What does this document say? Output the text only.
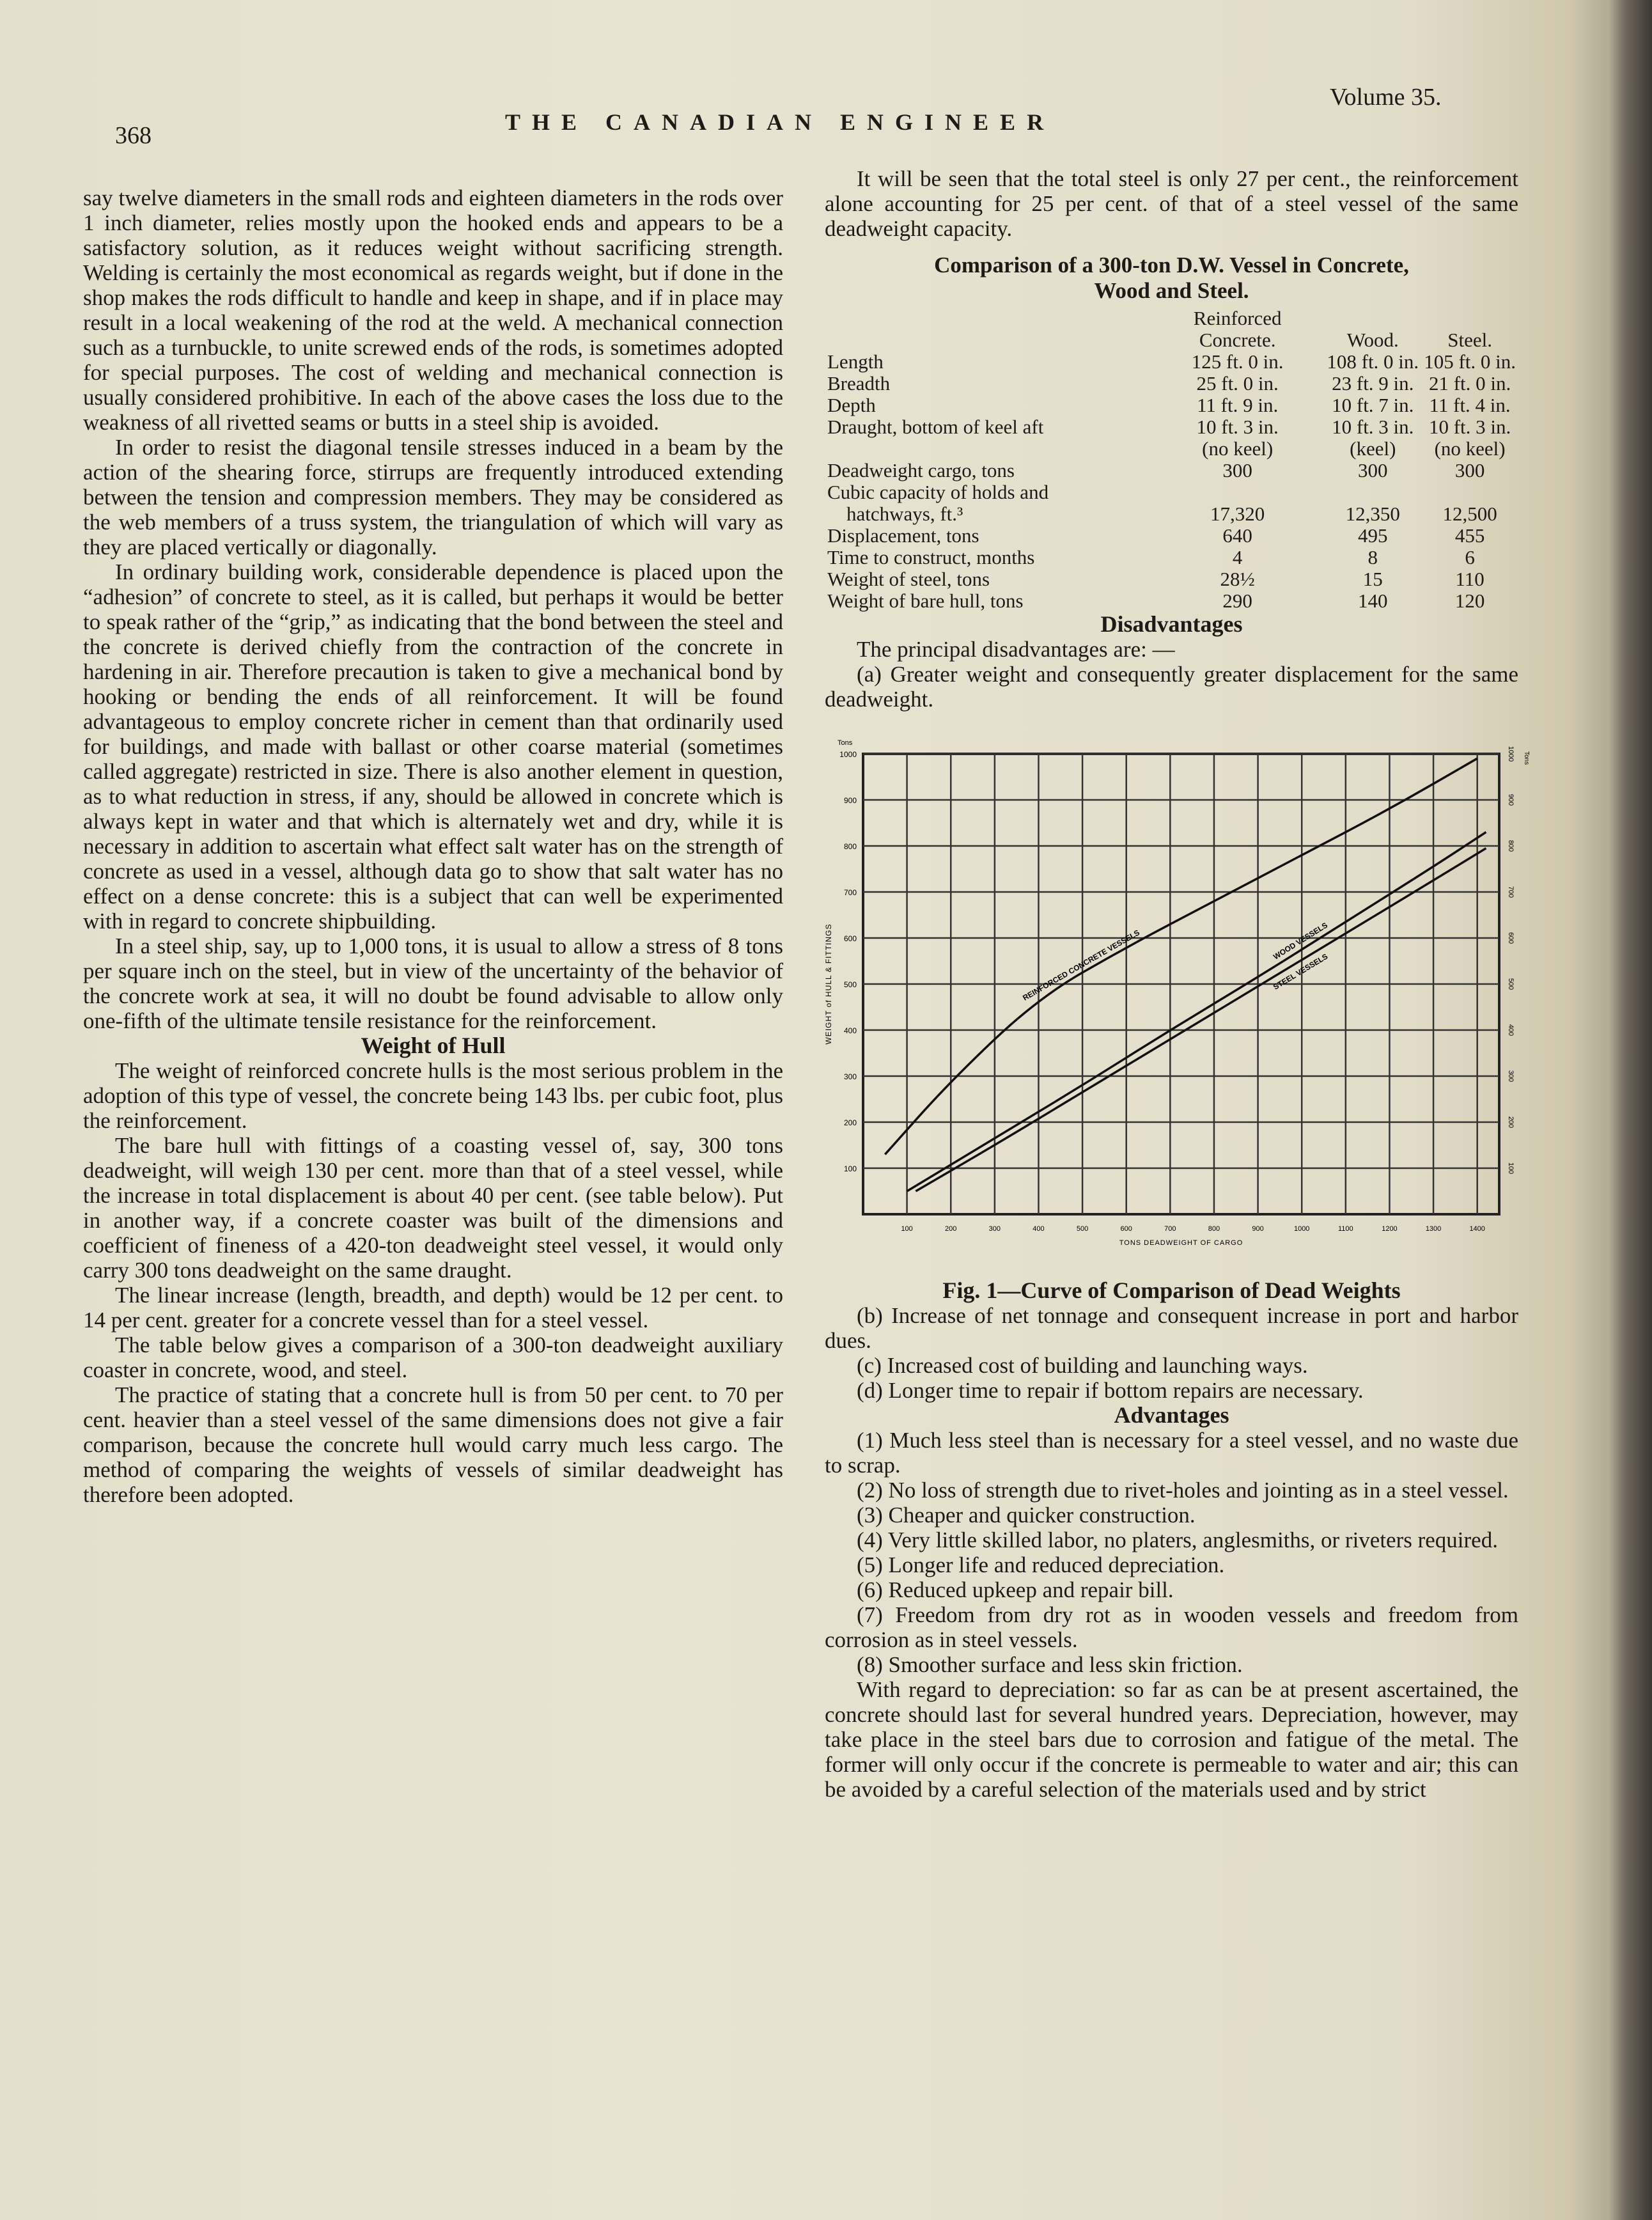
368	THE CANADIAN ENGINEER
Volume 35.

say twelve diameters in the small rods and eighteen diameters in the rods over 1 inch diameter, relies mostly upon the hooked ends and appears to be a satisfactory solution, as it reduces weight without sacrificing strength. Welding is certainly the most economical as regards weight, but if done in the shop makes the rods difficult to handle and keep in shape, and if in place may result in a local weakening of the rod at the weld. A mechanical connection such as a turnbuckle, to unite screwed ends of the rods, is sometimes adopted for special purposes. The cost of welding and mechanical connection is usually considered prohibitive. In each of the above cases the loss due to the weakness of all rivetted seams or butts in a steel ship is avoided.

In order to resist the diagonal tensile stresses induced in a beam by the action of the shearing force, stirrups are frequently introduced extending between the tension and compression members. They may be considered as the web members of a truss system, the triangulation of which will vary as they are placed vertically or diagonally.

In ordinary building work, considerable dependence is placed upon the “adhesion” of concrete to steel, as it is called, but perhaps it would be better to speak rather of the “grip,” as indicating that the bond between the steel and the concrete is derived chiefly from the contraction of the concrete in hardening in air. Therefore precaution is taken to give a mechanical bond by hooking or bending the ends of all reinforcement. It will be found advantageous to employ concrete richer in cement than that ordinarily used for buildings, and made with ballast or other coarse material (sometimes called aggregate) restricted in size. There is also another element in question, as to what reduction in stress, if any, should be allowed in concrete which is always kept in water and that which is alternately wet and dry, while it is necessary in addition to ascertain what effect salt water has on the strength of concrete as used in a vessel, although data go to show that salt water has no effect on a dense concrete: this is a subject that can well be experimented with in regard to concrete shipbuilding.

In a steel ship, say, up to 1,000 tons, it is usual to allow a stress of 8 tons per square inch on the steel, but in view of the uncertainty of the behavior of the concrete work at sea, it will no doubt be found advisable to allow only one-fifth of the ultimate tensile resistance for the reinforcement.

Weight of Hull

The weight of reinforced concrete hulls is the most serious problem in the adoption of this type of vessel, the concrete being 143 lbs. per cubic foot, plus the reinforcement.

The bare hull with fittings of a coasting vessel of, say, 300 tons deadweight, will weigh 130 per cent. more than that of a steel vessel, while the increase in total displacement is about 40 per cent. (see table below). Put in another way, if a concrete coaster was built of the dimensions and coefficient of fineness of a 420-ton deadweight steel vessel, it would only carry 300 tons deadweight on the same draught.

The linear increase (length, breadth, and depth) would be 12 per cent. to 14 per cent. greater for a concrete vessel than for a steel vessel.

The table below gives a comparison of a 300-ton deadweight auxiliary coaster in concrete, wood, and steel.

The practice of stating that a concrete hull is from 50 per cent. to 70 per cent. heavier than a steel vessel of the same dimensions does not give a fair comparison, because the concrete hull would carry much less cargo. The method of comparing the weights of vessels of similar deadweight has therefore been adopted.

It will be seen that the total steel is only 27 per cent., the reinforcement alone accounting for 25 per cent. of that of a steel vessel of the same deadweight capacity.

Comparison of a 300-ton D.W. Vessel in Concrete,
Wood and Steel.
	Reinforced Concrete.	Wood.	Steel.
Length	125 ft. 0 in.	108 ft. 0 in.	105 ft. 0 in.
Breadth	25 ft. 0 in.	23 ft. 9 in.	21 ft. 0 in.
Depth	11 ft. 9 in.	10 ft. 7 in.	11 ft. 4 in.
Draught, bottom of keel aft	10 ft. 3 in.	10 ft. 3 in.	10 ft. 3 in.
	(no keel)	(keel)	(no keel)
Deadweight cargo, tons	300	300	300
Cubic capacity of holds and			
hatchways, ft.³	17,320	12,350	12,500
Displacement, tons	640	495	455
Time to construct, months	4	8	6
Weight of steel, tons	28½	15	110
Weight of bare hull, tons	290	140	120

Disadvantages

The principal disadvantages are: —

(a) Greater weight and consequently greater displacement for the same deadweight.

100	200	300	400	500	600	700	800	900	1000	1100	1200	1300	1400
100
200
300
400
500
600
700
800
900
1000
100
200
300
400
500
600
700
800
900
1000
Tons
Tons
TONS DEADWEIGHT OF CARGO
WEIGHT of HULL & FITTINGS	REINFORCED CONCRETE VESSELS	WOOD VESSELS
STEEL VESSELS

Fig. 1—Curve of Comparison of Dead Weights

(b) Increase of net tonnage and consequent increase in port and harbor dues.

(c) Increased cost of building and launching ways.

(d) Longer time to repair if bottom repairs are necessary.

Advantages

(1) Much less steel than is necessary for a steel vessel, and no waste due to scrap.

(2) No loss of strength due to rivet-holes and jointing as in a steel vessel.

(3) Cheaper and quicker construction.

(4) Very little skilled labor, no platers, anglesmiths, or riveters required.

(5) Longer life and reduced depreciation.

(6) Reduced upkeep and repair bill.

(7) Freedom from dry rot as in wooden vessels and freedom from corrosion as in steel vessels.

(8) Smoother surface and less skin friction.

With regard to depreciation: so far as can be at present ascertained, the concrete should last for several hundred years. Depreciation, however, may take place in the steel bars due to corrosion and fatigue of the metal. The former will only occur if the concrete is permeable to water and air; this can be avoided by a careful selection of the materials used and by strict
